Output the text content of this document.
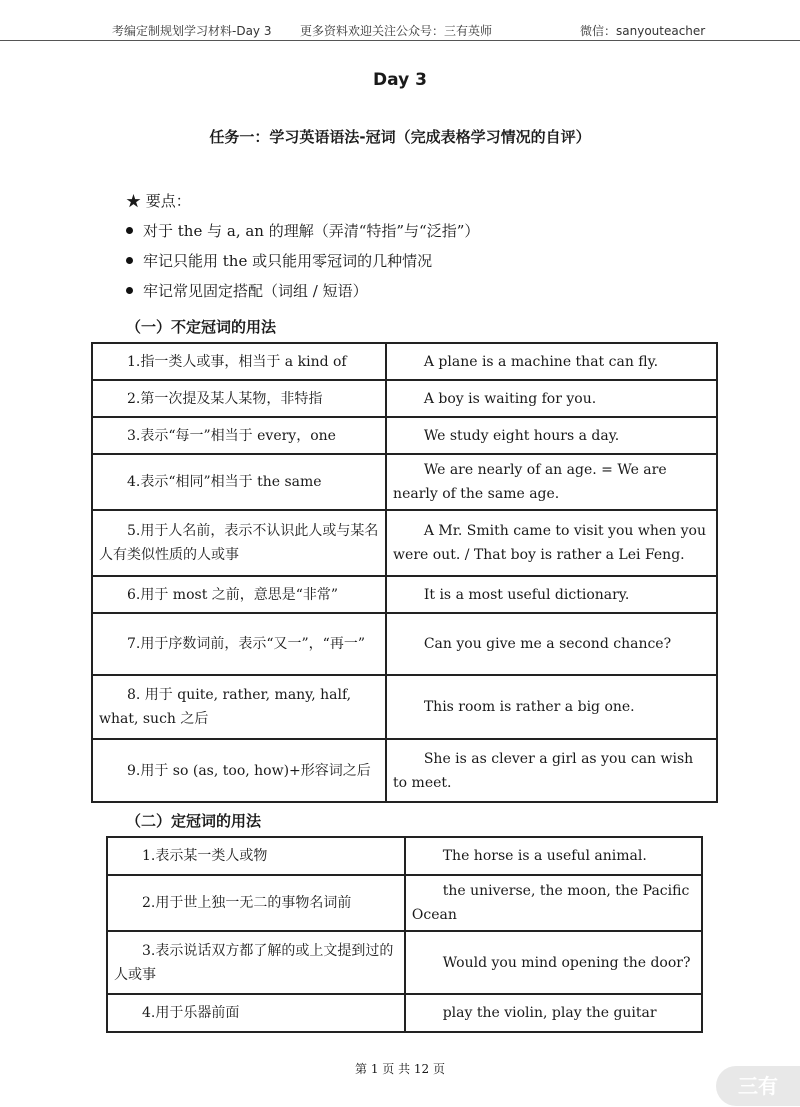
考编定制规划学习材料-Day 3 更多资料欢迎关注公众号：三有英师	微信：sanyouteacher
Day 3
任务一：学习英语语法-冠词（完成表格学习情况的自评）
★ 要点：
对于 the 与 a, an 的理解（弄清“特指”与“泛指”）
牢记只能用 the 或只能用零冠词的几种情况
牢记常见固定搭配（词组 / 短语）
（一）不定冠词的用法
1.指一类人或事，相当于 a kind of	A plane is a machine that can fly.
2.第一次提及某人某物，非特指	A boy is waiting for you.
3.表示“每一”相当于 every，one	We study eight hours a day.
4.表示“相同”相当于 the same	We are nearly of an age. = We are nearly of the same age.
5.用于人名前，表示不认识此人或与某名人有类似性质的人或事	A Mr. Smith came to visit you when you were out. / That boy is rather a Lei Feng.
6.用于 most 之前，意思是“非常”	It is a most useful dictionary.
7.用于序数词前，表示“又一”，“再一”	Can you give me a second chance?
8. 用于 quite, rather, many, half, what, such 之后	This room is rather a big one.
9.用于 so (as, too, how)+形容词之后	She is as clever a girl as you can wish to meet.
（二）定冠词的用法
1.表示某一类人或物	The horse is a useful animal.
2.用于世上独一无二的事物名词前	the universe, the moon, the Pacific Ocean
3.表示说话双方都了解的或上文提到过的人或事	Would you mind opening the door?
4.用于乐器前面	play the violin, play the guitar
第 1 页 共 12 页
三有
